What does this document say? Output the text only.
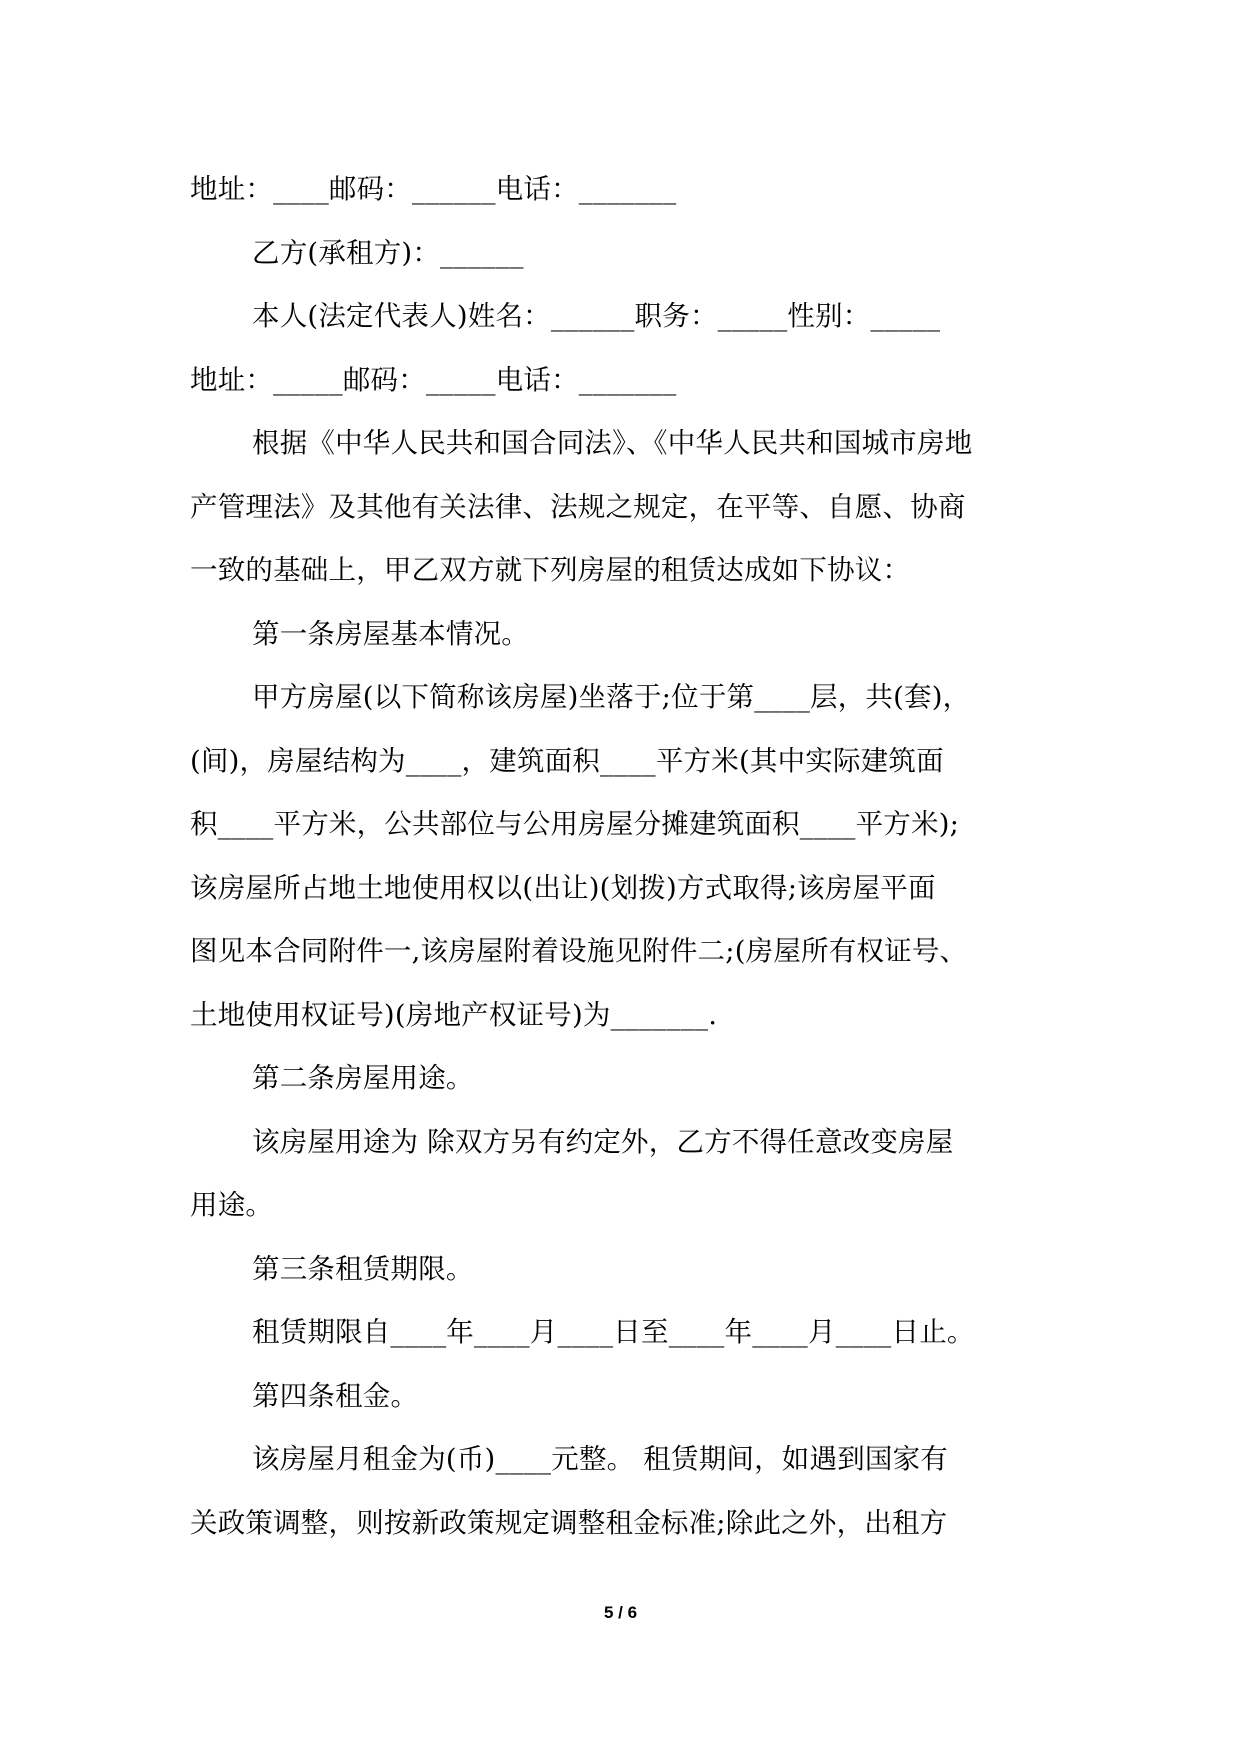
地址：____邮码：______电话：_______
乙方(承租方)：______
本人(法定代表人)姓名：______职务：_____性别：_____
地址：_____邮码：_____电话：_______
根据《中华人民共和国合同法》、《中华人民共和国城市房地
产管理法》及其他有关法律、法规之规定，在平等、自愿、协商
一致的基础上，甲乙双方就下列房屋的租赁达成如下协议：
第一条房屋基本情况。
甲方房屋(以下简称该房屋)坐落于;位于第____层，共(套)，
(间)，房屋结构为____，建筑面积____平方米(其中实际建筑面
积____平方米，公共部位与公用房屋分摊建筑面积____平方米);
该房屋所占地土地使用权以(出让)(划拨)方式取得;该房屋平面
图见本合同附件一,该房屋附着设施见附件二;(房屋所有权证号、
土地使用权证号)(房地产权证号)为_______.
第二条房屋用途。
该房屋用途为 除双方另有约定外，乙方不得任意改变房屋
用途。
第三条租赁期限。
租赁期限自____年____月____日至____年____月____日止。
第四条租金。
该房屋月租金为(币)____元整。 租赁期间，如遇到国家有
关政策调整，则按新政策规定调整租金标准;除此之外，出租方
5 / 6
